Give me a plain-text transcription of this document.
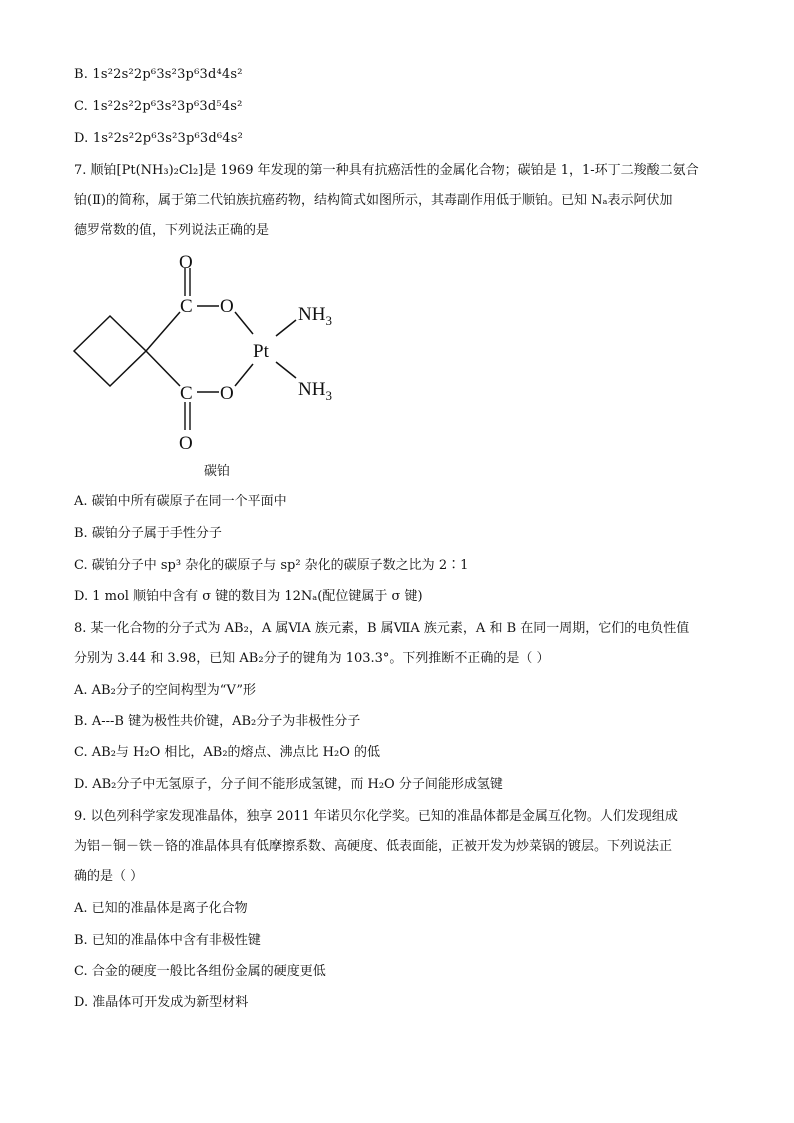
B. 1s²2s²2p⁶3s²3p⁶3d⁴4s²
C. 1s²2s²2p⁶3s²3p⁶3d⁵4s²
D. 1s²2s²2p⁶3s²3p⁶3d⁶4s²
7. 顺铂[Pt(NH₃)₂Cl₂]是 1969 年发现的第一种具有抗癌活性的金属化合物；碳铂是 1，1-环丁二羧酸二氨合
铂(Ⅱ)的简称，属于第二代铂族抗癌药物，结构简式如图所示，其毒副作用低于顺铂。已知 Nₐ表示阿伏加
德罗常数的值，下列说法正确的是
O
C O
Pt
$NH_3$
$NH_3$
C O
O
碳铂
A. 碳铂中所有碳原子在同一个平面中
B. 碳铂分子属于手性分子
C. 碳铂分子中 sp³ 杂化的碳原子与 sp² 杂化的碳原子数之比为 2∶1
D. 1 mol 顺铂中含有 σ 键的数目为 12Nₐ(配位键属于 σ 键)
8. 某一化合物的分子式为 AB₂，A 属ⅥA 族元素，B 属ⅦA 族元素，A 和 B 在同一周期，它们的电负性值
分别为 3.44 和 3.98，已知 AB₂分子的键角为 103.3°。下列推断不正确的是（ ）
A. AB₂分子的空间构型为“V”形
B. A---B 键为极性共价键，AB₂分子为非极性分子
C. AB₂与 H₂O 相比，AB₂的熔点、沸点比 H₂O 的低
D. AB₂分子中无氢原子，分子间不能形成氢键，而 H₂O 分子间能形成氢键
9. 以色列科学家发现准晶体，独享 2011 年诺贝尔化学奖。已知的准晶体都是金属互化物。人们发现组成
为铝－铜－铁－铬的准晶体具有低摩擦系数、高硬度、低表面能，正被开发为炒菜锅的镀层。下列说法正
确的是（ ）
A. 已知的准晶体是离子化合物
B. 已知的准晶体中含有非极性键
C. 合金的硬度一般比各组份金属的硬度更低
D. 准晶体可开发成为新型材料
